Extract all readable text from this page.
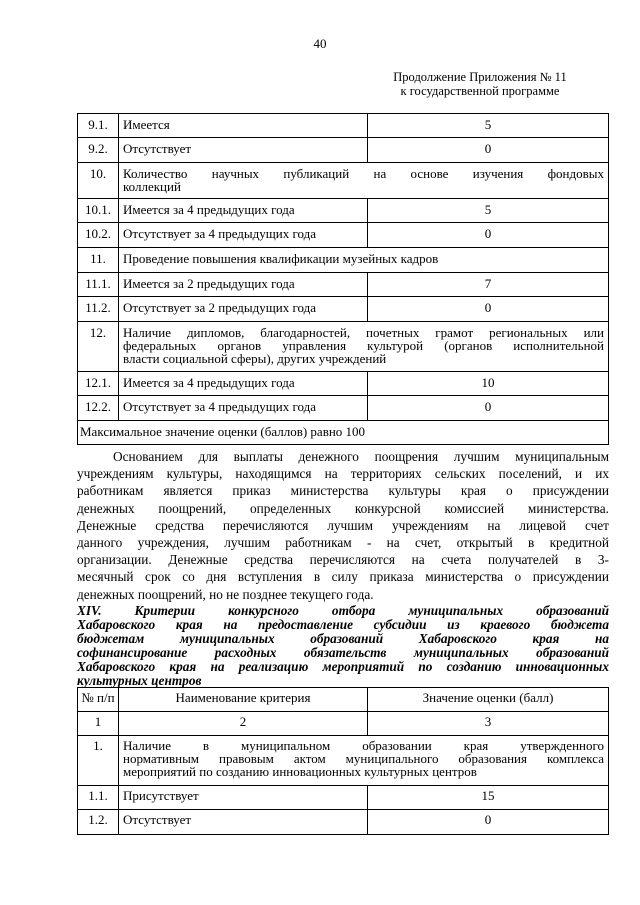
40
Продолжение Приложения № 11
к государственной программе
9.1.	Имеется	5
9.2.	Отсутствует	0
10.	Количество научных публикаций на основе изучения фондовых
коллекций	

10.1.	Имеется за 4 предыдущих года	5
10.2.	Отсутствует за 4 предыдущих года	0
11.	Проведение повышения квалификации музейных кадров	

11.1.	Имеется за 2 предыдущих года	7
11.2.	Отсутствует за 2 предыдущих года	0
12.	Наличие дипломов, благодарностей, почетных грамот региональных или
федеральных органов управления культурой (органов исполнительной
власти социальной сферы), других учреждений	

12.1.	Имеется за 4 предыдущих года	10
12.2.	Отсутствует за 4 предыдущих года	0
Максимальное значение оценки (баллов) равно 100		
Основанием для выплаты денежного поощрения лучшим муниципальным
учреждениям культуры, находящимся на территориях сельских поселений, и их
работникам является приказ министерства культуры края о присуждении
денежных поощрений, определенных конкурсной комиссией министерства.
Денежные средства перечисляются лучшим учреждениям на лицевой счет
данного учреждения, лучшим работникам - на счет, открытый в кредитной
организации. Денежные средства перечисляются на счета получателей в 3-
месячный срок со дня вступления в силу приказа министерства о присуждении
денежных поощрений, но не позднее текущего года.
XIV. Критерии конкурсного отбора муниципальных образований
Хабаровского края на предоставление субсидии из краевого бюджета
бюджетам муниципальных образований Хабаровского края на
софинансирование расходных обязательств муниципальных образований
Хабаровского края на реализацию мероприятий по созданию инновационных
культурных центров
№ п/п	Наименование критерия	Значение оценки (балл)
1	2	3
1.	Наличие в муниципальном образовании края утвержденного
нормативным правовым актом муниципального образования комплекса
мероприятий по созданию инновационных культурных центров	

1.1.	Присутствует	15
1.2.	Отсутствует	0
